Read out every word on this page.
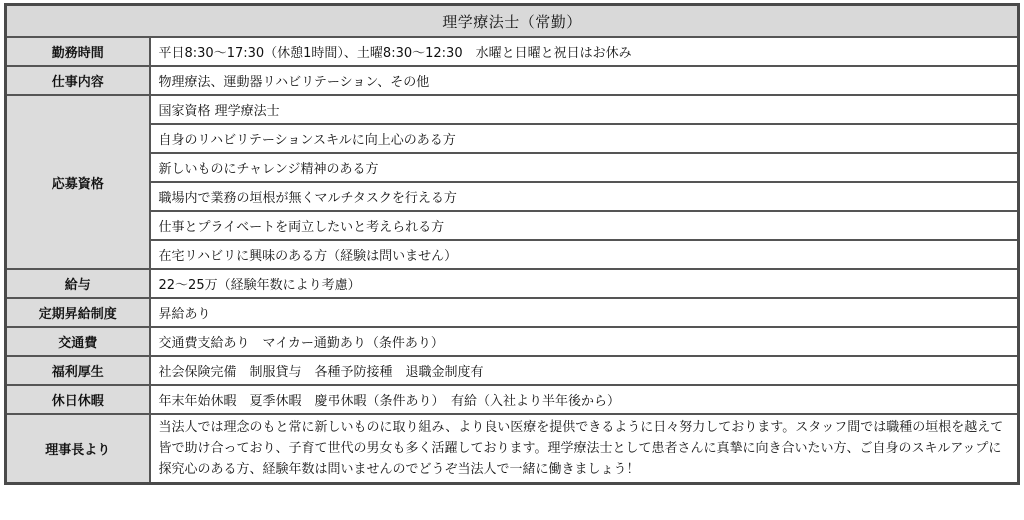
理学療法士（常勤）	
勤務時間	平日8:30〜17:30（休憩1時間）、土曜8:30〜12:30　水曜と日曜と祝日はお休み
仕事内容	物理療法、運動器リハビリテーション、その他
応募資格	国家資格 理学療法士
	自身のリハビリテーションスキルに向上心のある方
	新しいものにチャレンジ精神のある方
	職場内で業務の垣根が無くマルチタスクを行える方
	仕事とプライベートを両立したいと考えられる方
	在宅リハビリに興味のある方（経験は問いません）
給与	22〜25万（経験年数により考慮）
定期昇給制度	昇給あり
交通費	交通費支給あり　マイカー通勤あり（条件あり）
福利厚生	社会保険完備　制服貸与　各種予防接種　退職金制度有
休日休暇	年末年始休暇　夏季休暇　慶弔休暇（条件あり）　有給（入社より半年後から）
理事長より	当法人では理念のもと常に新しいものに取り組み、より良い医療を提供できるように日々努力しております。スタッフ間では職種の垣根を越えて皆で助け合っており、子育て世代の男女も多く活躍しております。理学療法士として患者さんに真摯に向き合いたい方、ご自身のスキルアップに探究心のある方、経験年数は問いませんのでどうぞ当法人で一緒に働きましょう！
